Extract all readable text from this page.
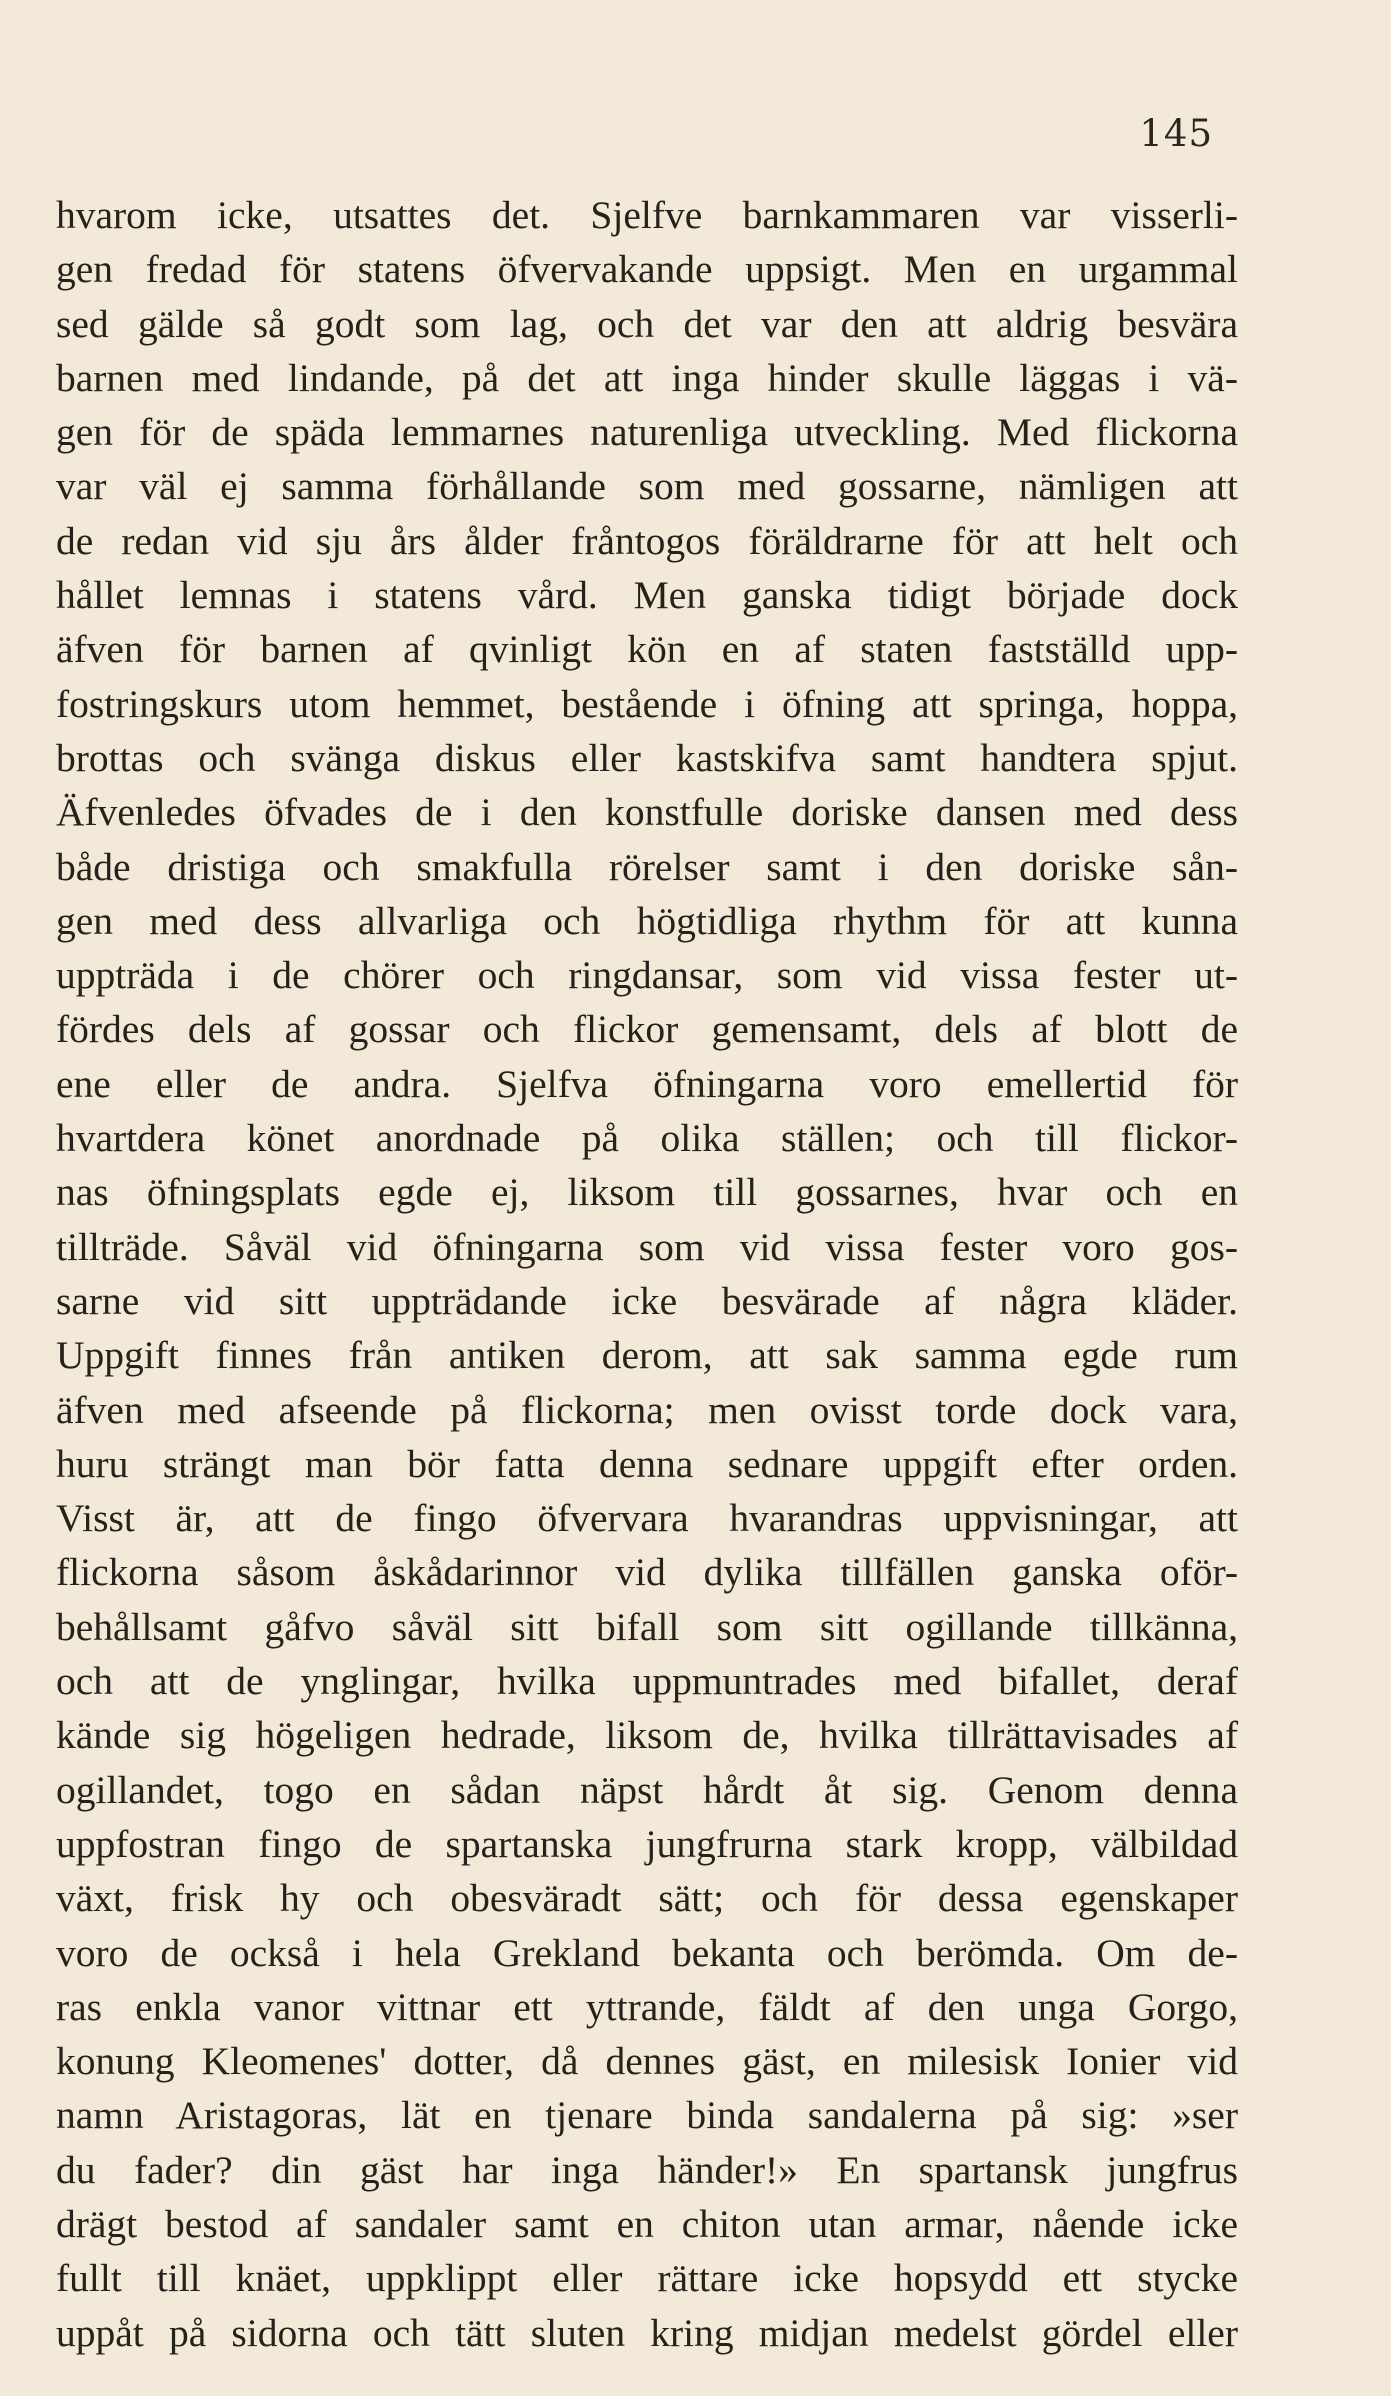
145
hvarom icke, utsattes det. Sjelfve barnkammaren var visserli-
gen fredad för statens öfvervakande uppsigt. Men en urgammal
sed gälde så godt som lag, och det var den att aldrig besvära
barnen med lindande, på det att inga hinder skulle läggas i vä-
gen för de späda lemmarnes naturenliga utveckling. Med flickorna
var väl ej samma förhållande som med gossarne, nämligen att
de redan vid sju års ålder fråntogos föräldrarne för att helt och
hållet lemnas i statens vård. Men ganska tidigt började dock
äfven för barnen af qvinligt kön en af staten fastställd upp-
fostringskurs utom hemmet, bestående i öfning att springa, hoppa,
brottas och svänga diskus eller kastskifva samt handtera spjut.
Äfvenledes öfvades de i den konstfulle doriske dansen med dess
både dristiga och smakfulla rörelser samt i den doriske sån-
gen med dess allvarliga och högtidliga rhythm för att kunna
uppträda i de chörer och ringdansar, som vid vissa fester ut-
fördes dels af gossar och flickor gemensamt, dels af blott de
ene eller de andra. Sjelfva öfningarna voro emellertid för
hvartdera könet anordnade på olika ställen; och till flickor-
nas öfningsplats egde ej, liksom till gossarnes, hvar och en
tillträde. Såväl vid öfningarna som vid vissa fester voro gos-
sarne vid sitt uppträdande icke besvärade af några kläder.
Uppgift finnes från antiken derom, att sak samma egde rum
äfven med afseende på flickorna; men ovisst torde dock vara,
huru strängt man bör fatta denna sednare uppgift efter orden.
Visst är, att de fingo öfvervara hvarandras uppvisningar, att
flickorna såsom åskådarinnor vid dylika tillfällen ganska oför-
behållsamt gåfvo såväl sitt bifall som sitt ogillande tillkänna,
och att de ynglingar, hvilka uppmuntrades med bifallet, deraf
kände sig högeligen hedrade, liksom de, hvilka tillrättavisades af
ogillandet, togo en sådan näpst hårdt åt sig. Genom denna
uppfostran fingo de spartanska jungfrurna stark kropp, välbildad
växt, frisk hy och obesväradt sätt; och för dessa egenskaper
voro de också i hela Grekland bekanta och berömda. Om de-
ras enkla vanor vittnar ett yttrande, fäldt af den unga Gorgo,
konung Kleomenes' dotter, då dennes gäst, en milesisk Ionier vid
namn Aristagoras, lät en tjenare binda sandalerna på sig: »ser
du fader? din gäst har inga händer!» En spartansk jungfrus
drägt bestod af sandaler samt en chiton utan armar, nående icke
fullt till knäet, uppklippt eller rättare icke hopsydd ett stycke
uppåt på sidorna och tätt sluten kring midjan medelst gördel eller
